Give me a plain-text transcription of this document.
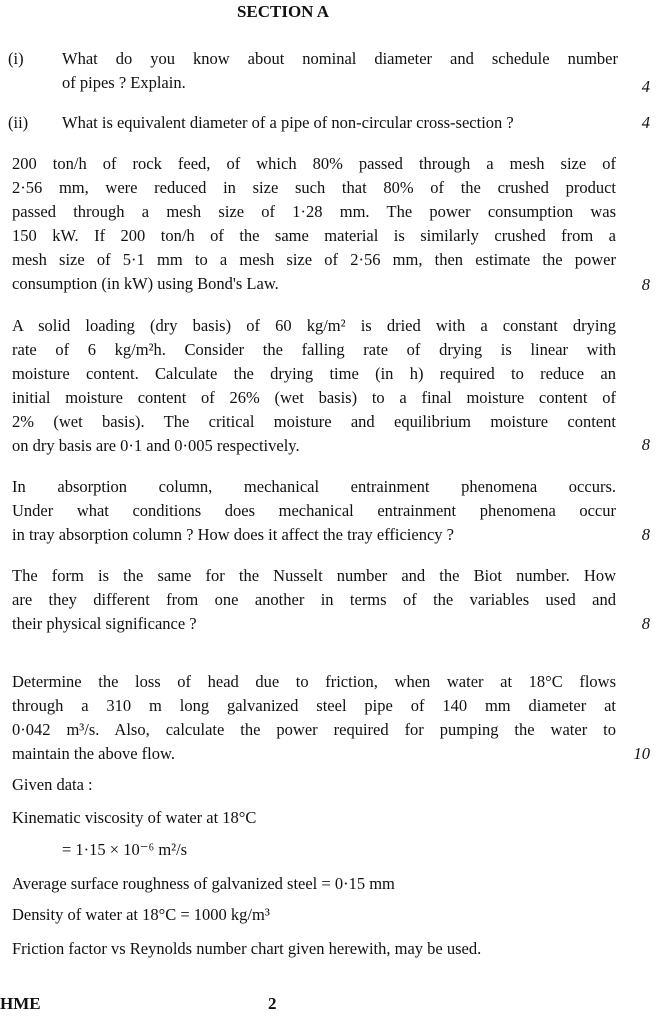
SECTION A
(i) What do you know about nominal diameter and schedule number
of pipes ? Explain.	4
(ii) What is equivalent diameter of a pipe of non-circular cross-section ?	4
200 ton/h of rock feed, of which 80% passed through a mesh size of
2·56 mm, were reduced in size such that 80% of the crushed product
passed through a mesh size of 1·28 mm. The power consumption was
150 kW. If 200 ton/h of the same material is similarly crushed from a
mesh size of 5·1 mm to a mesh size of 2·56 mm, then estimate the power
consumption (in kW) using Bond's Law.	8
A solid loading (dry basis) of 60 kg/m² is dried with a constant drying
rate of 6 kg/m²h. Consider the falling rate of drying is linear with
moisture content. Calculate the drying time (in h) required to reduce an
initial moisture content of 26% (wet basis) to a final moisture content of
2% (wet basis). The critical moisture and equilibrium moisture content
on dry basis are 0·1 and 0·005 respectively.	8
In absorption column, mechanical entrainment phenomena occurs.
Under what conditions does mechanical entrainment phenomena occur
in tray absorption column ? How does it affect the tray efficiency ?	8
The form is the same for the Nusselt number and the Biot number. How
are they different from one another in terms of the variables used and
their physical significance ?	8
Determine the loss of head due to friction, when water at 18°C flows
through a 310 m long galvanized steel pipe of 140 mm diameter at
0·042 m³/s. Also, calculate the power required for pumping the water to
maintain the above flow.	10
Given data :
Kinematic viscosity of water at 18°C
= 1·15 × 10⁻⁶ m²/s
Average surface roughness of galvanized steel = 0·15 mm
Density of water at 18°C = 1000 kg/m³
Friction factor vs Reynolds number chart given herewith, may be used.
HME	2
